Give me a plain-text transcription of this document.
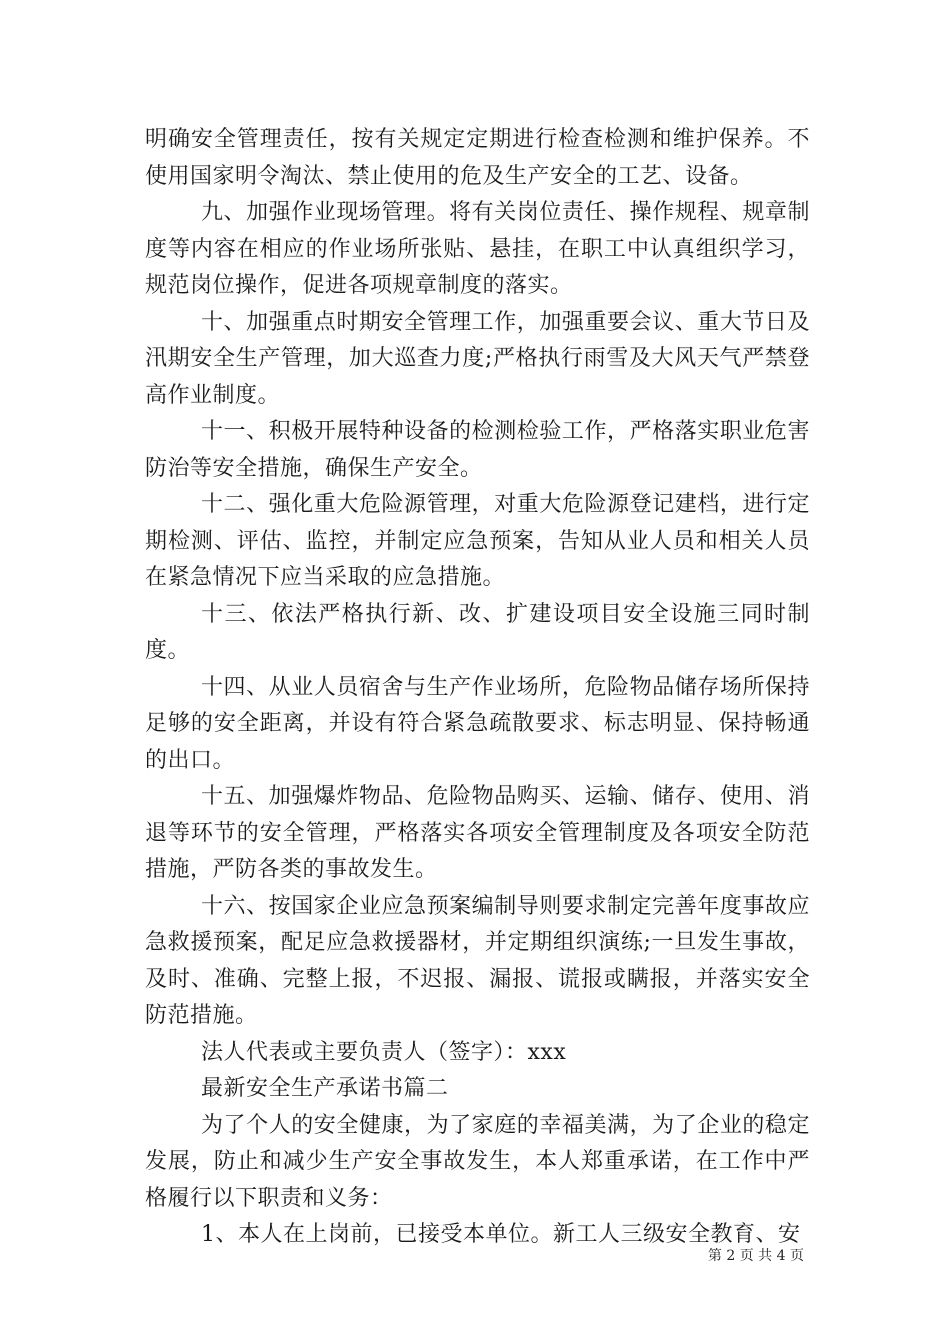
明确安全管理责任，按有关规定定期进行检查检测和维护保养。不使用国家明令淘汰、禁止使用的危及生产安全的工艺、设备。

九、加强作业现场管理。将有关岗位责任、操作规程、规章制度等内容在相应的作业场所张贴、悬挂，在职工中认真组织学习，规范岗位操作，促进各项规章制度的落实。

十、加强重点时期安全管理工作，加强重要会议、重大节日及汛期安全生产管理，加大巡查力度;严格执行雨雪及大风天气严禁登高作业制度。

十一、积极开展特种设备的检测检验工作，严格落实职业危害防治等安全措施，确保生产安全。

十二、强化重大危险源管理，对重大危险源登记建档，进行定期检测、评估、监控，并制定应急预案，告知从业人员和相关人员在紧急情况下应当采取的应急措施。

十三、依法严格执行新、改、扩建设项目安全设施三同时制度。

十四、从业人员宿舍与生产作业场所，危险物品储存场所保持足够的安全距离，并设有符合紧急疏散要求、标志明显、保持畅通的出口。

十五、加强爆炸物品、危险物品购买、运输、储存、使用、消退等环节的安全管理，严格落实各项安全管理制度及各项安全防范措施，严防各类的事故发生。

十六、按国家企业应急预案编制导则要求制定完善年度事故应急救援预案，配足应急救援器材，并定期组织演练;一旦发生事故，及时、准确、完整上报，不迟报、漏报、谎报或瞒报，并落实安全防范措施。

法人代表或主要负责人（签字）：xxx

最新安全生产承诺书篇二

为了个人的安全健康，为了家庭的幸福美满，为了企业的稳定发展，防止和减少生产安全事故发生，本人郑重承诺，在工作中严格履行以下职责和义务：

1、本人在上岗前，已接受本单位。新工人三级安全教育、安

第 2 页 共 4 页
